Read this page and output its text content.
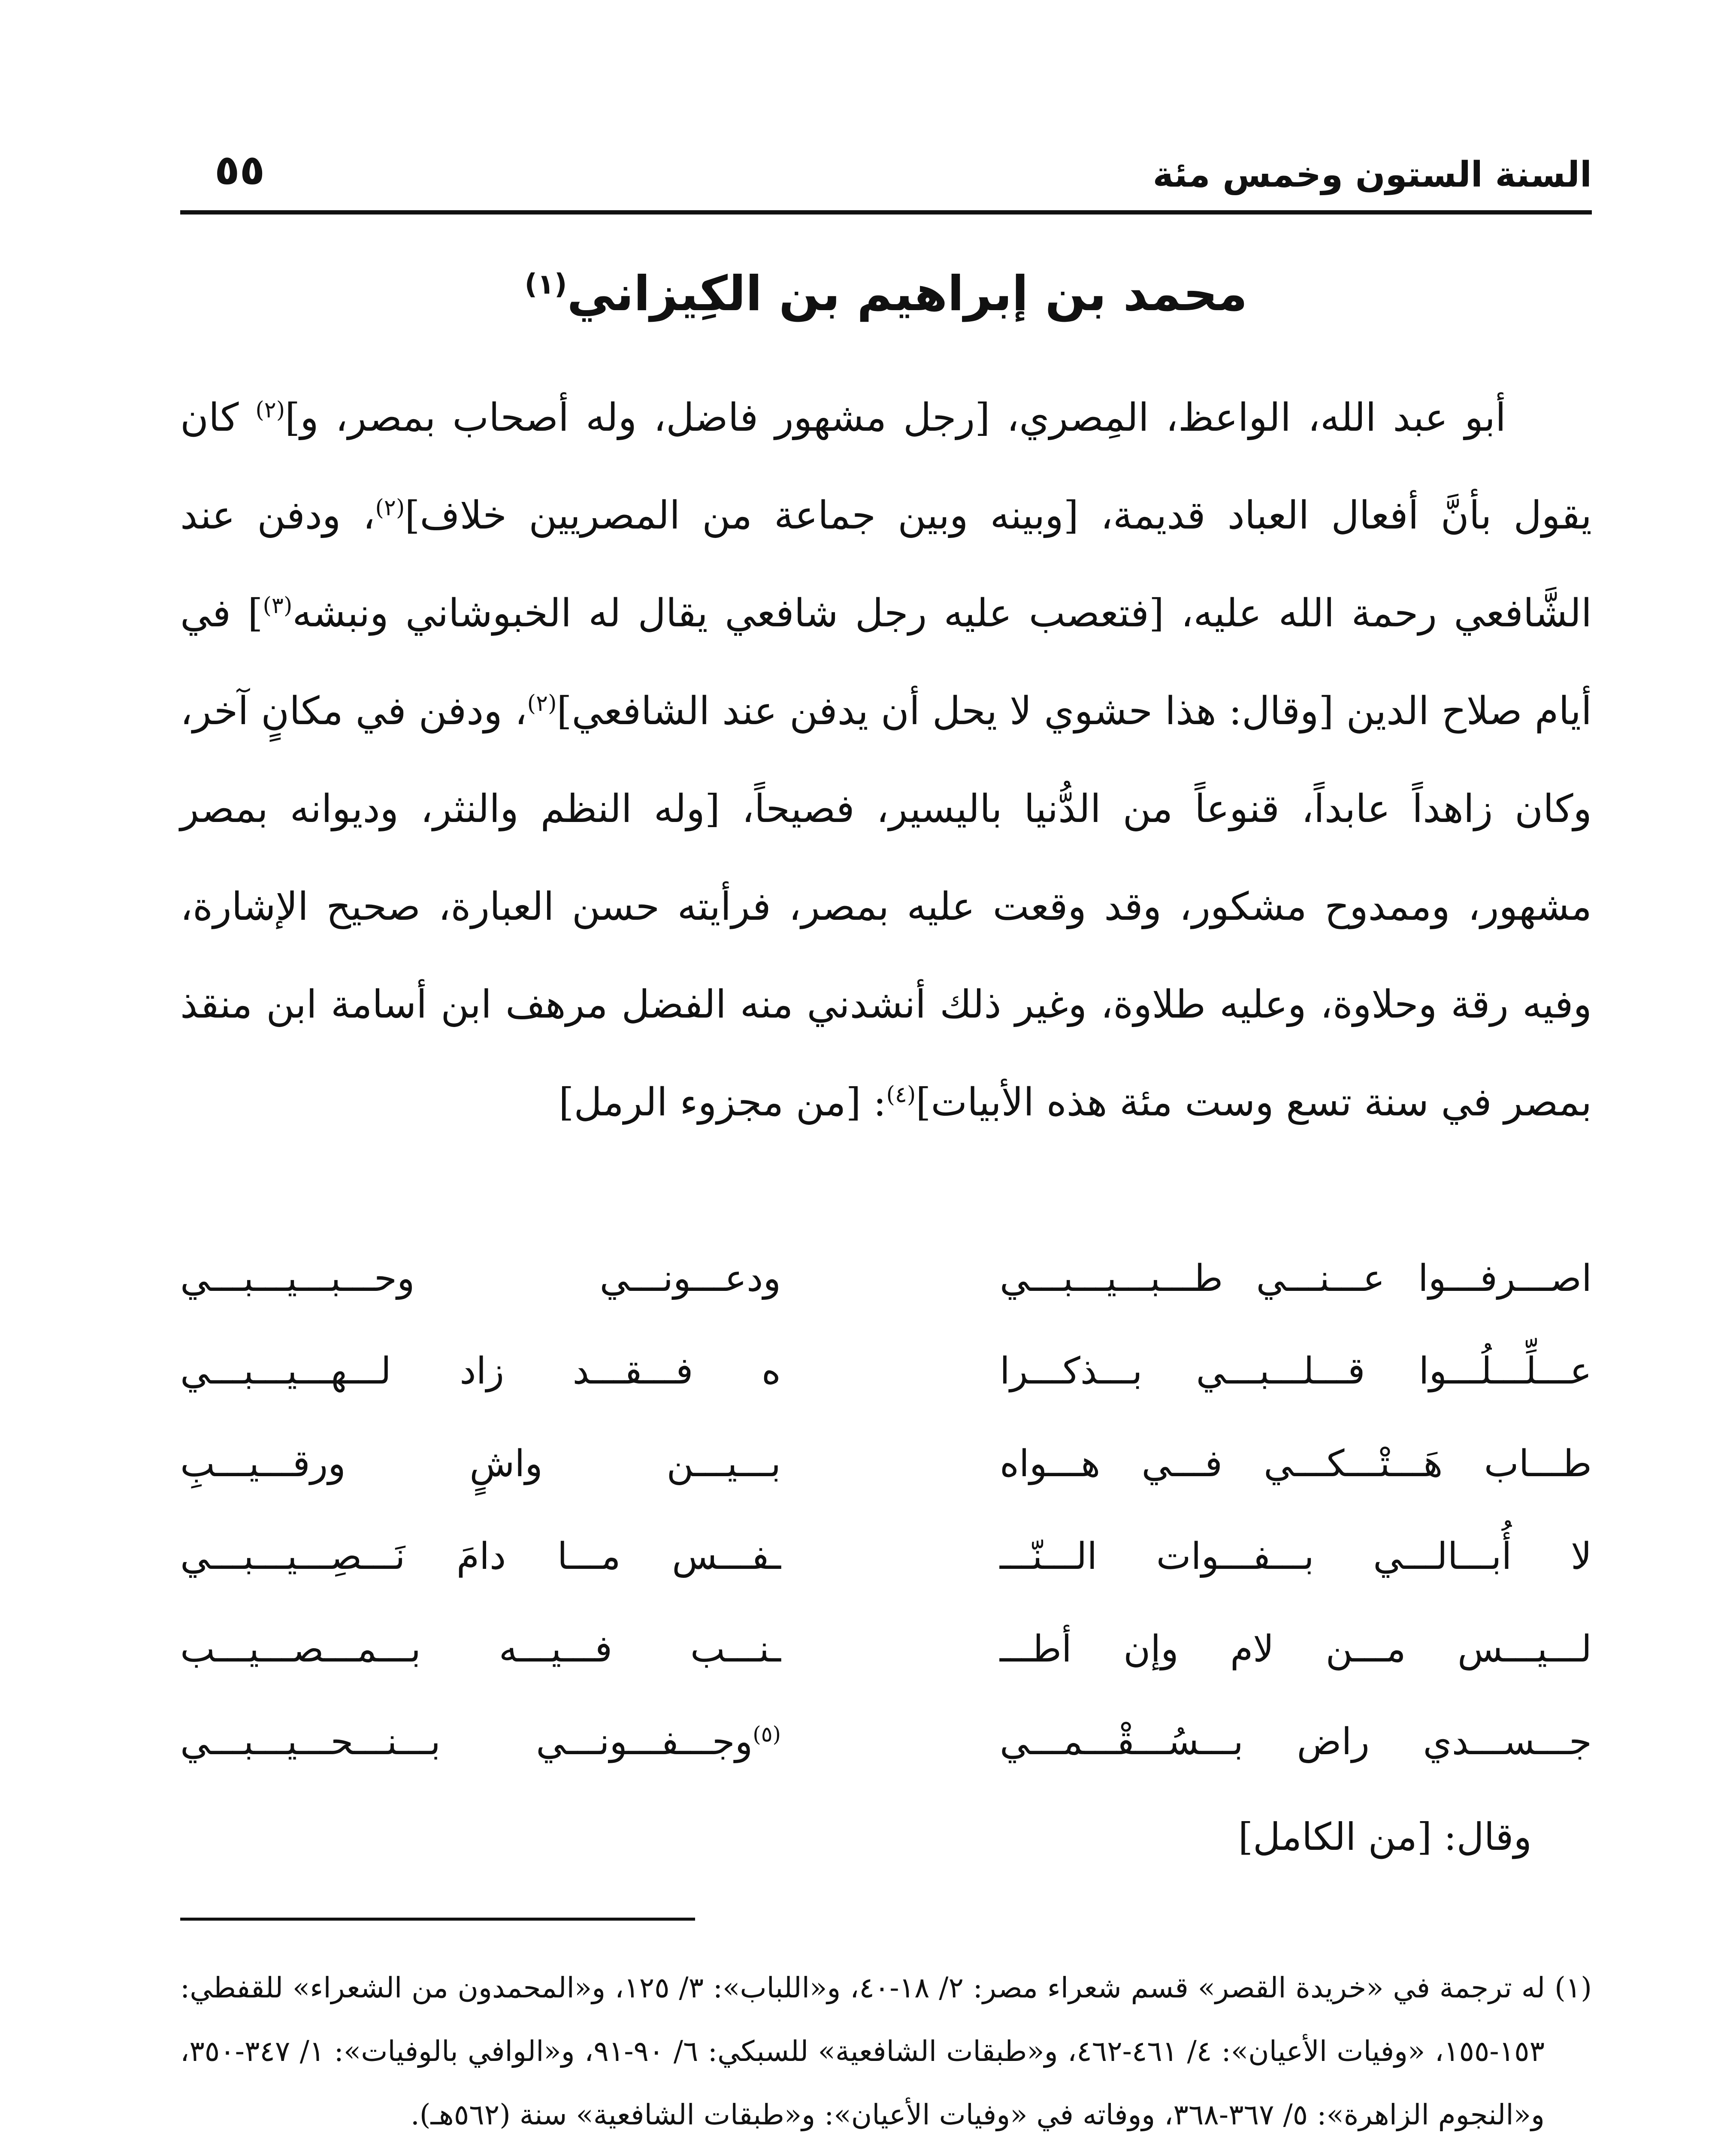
السنة الستون وخمس مئة
٥٥
محمد بن إبراهيم بن الكِيزاني$^{(١)}$

أبو عبد الله، الواعظ، المِصري، [رجل مشهور فاضل، وله أصحاب بمصر، و]$^{(٢)}$ كان يقول بأنَّ أفعال العباد قديمة، [وبينه وبين جماعة من المصريين خلاف]$^{(٢)}$، ودفن عند الشَّافعي رحمة الله عليه، [فتعصب عليه رجل شافعي يقال له الخبوشاني ونبشه$^{(٣)}$] في أيام صلاح الدين [وقال: هذا حشوي لا يحل أن يدفن عند الشافعي]$^{(٢)}$، ودفن في مكانٍ آخر، وكان زاهداً عابداً، قنوعاً من الدُّنيا باليسير، فصيحاً، [وله النظم والنثر، وديوانه بمصر مشهور، وممدوح مشكور، وقد وقعت عليه بمصر، فرأيته حسن العبارة، صحيح الإشارة، وفيه رقة وحلاوة، وعليه طلاوة، وغير ذلك أنشدني منه الفضل مرهف ابن أسامة ابن منقذ بمصر في سنة تسع وست مئة هذه الأبيات]$^{(٤)}$: [من مجزوء الرمل]

اصـــرفـــوا عـــنـــي طـــبـــيـــبـــي
ودعـــونـــي وحـــبـــيـــبـــي
عـــلِّـــلُـــوا قـــلـــبـــي بـــذكـــرا
ه فـــقـــد زاد لـــهـــيـــبـــي
طـــاب هَـــتْـــكـــي فـــي هـــواه
بـــيـــن واشٍ ورقـــيـــبِ
لا أُبـــالـــي بـــفـــوات الـــنّـــ
ـفـــس مـــا دامَ نَـــصِـــيـــبـــي
لـــيـــس مـــن لام وإن أطـــ
ـنـــب فـــيـــه بـــمـــصـــيـــب
جـــســـدي راض بـــسُـــقْـــمـــي
$^{(٥)}$وجـــفـــونـــي بـــنـــحـــيـــبـــي
وقال: [من الكامل]

(١) له ترجمة في «خريدة القصر» قسم شعراء مصر: ٢/ ١٨-٤٠، و«اللباب»: ٣/ ١٢٥، و«المحمدون من الشعراء» للقفطي: ١٥٣-١٥٥، «وفيات الأعيان»: ٤/ ٤٦١-٤٦٢، و«طبقات الشافعية» للسبكي: ٦/ ٩٠-٩١، و«الوافي بالوفيات»: ١/ ٣٤٧-٣٥٠، و«النجوم الزاهرة»: ٥/ ٣٦٧-٣٦٨، ووفاته في «وفيات الأعيان»: و«طبقات الشافعية» سنة (٥٦٢هـ).
